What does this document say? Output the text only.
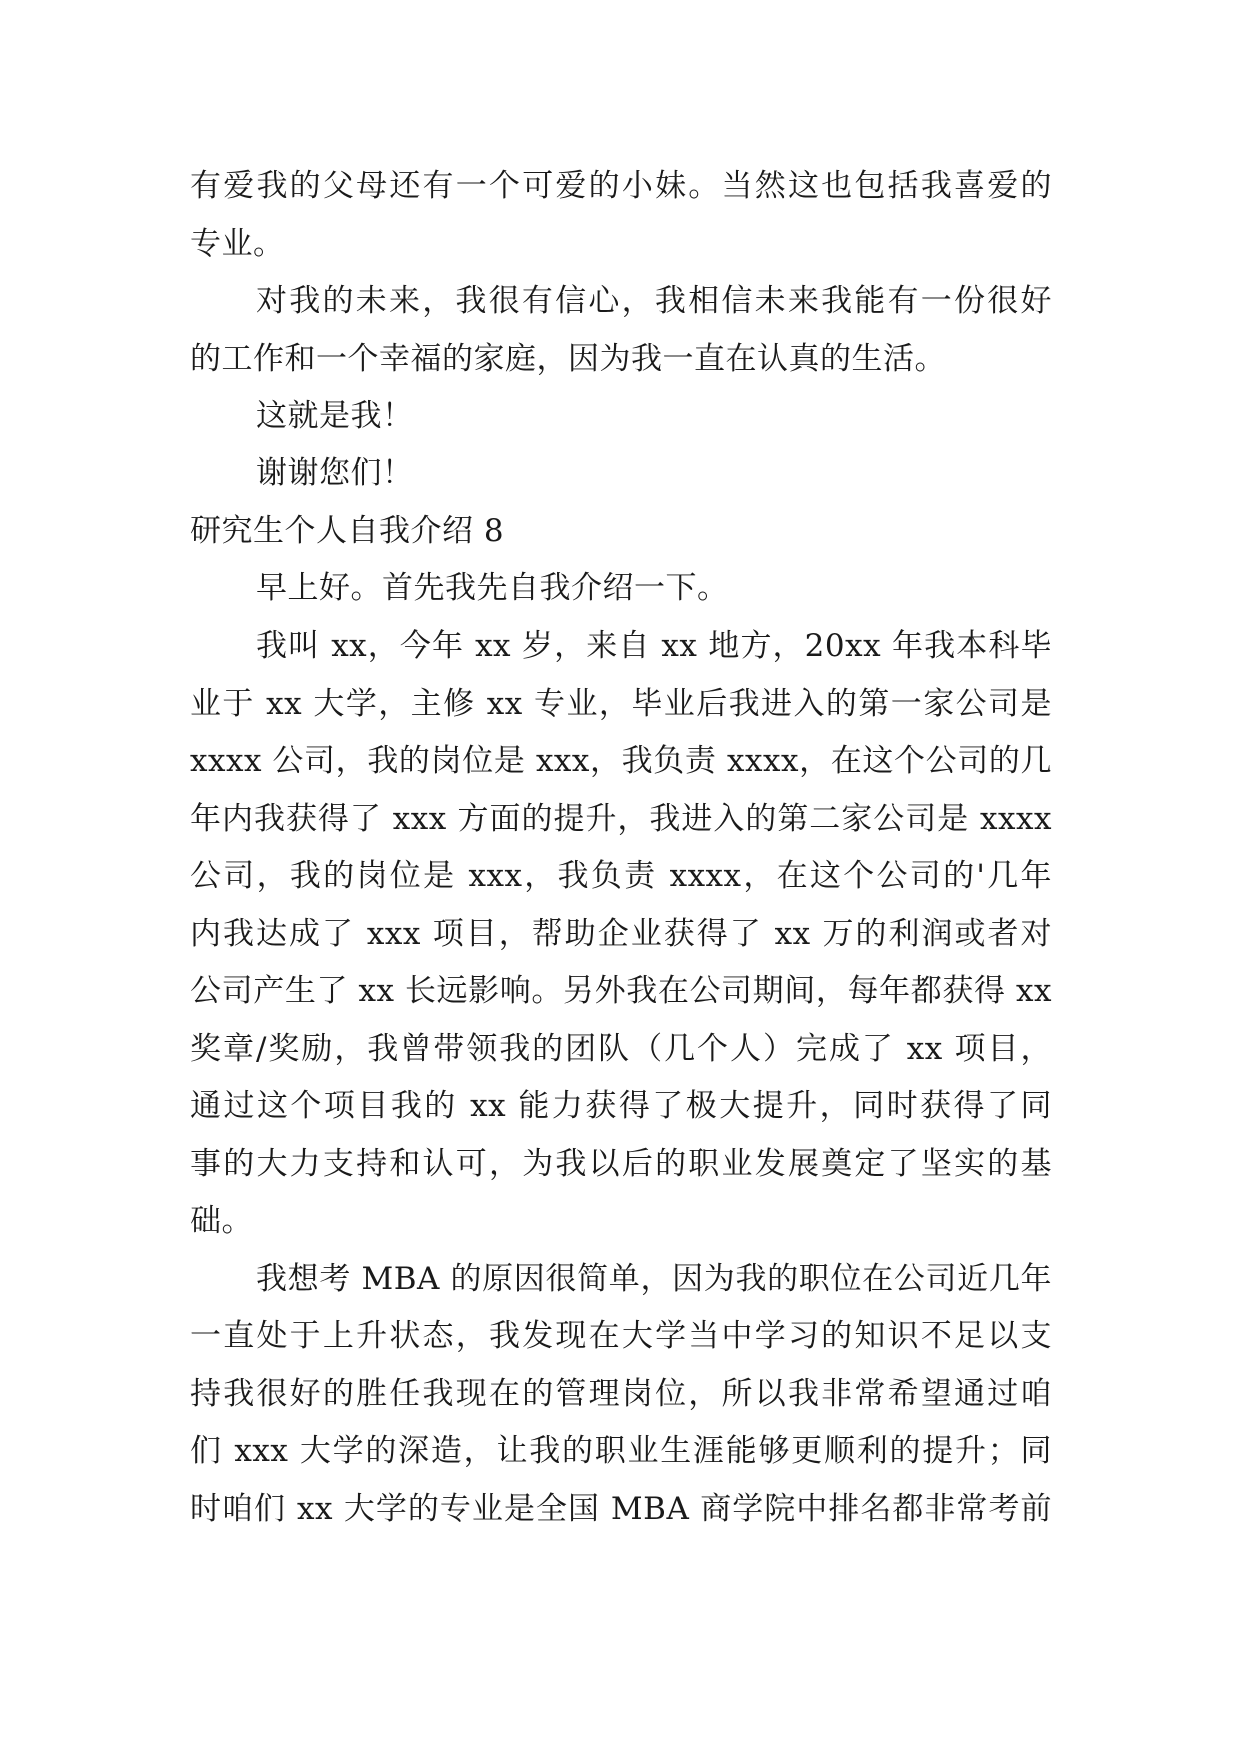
有爱我的父母还有一个可爱的小妹。当然这也包括我喜爱的
专业。
对我的未来，我很有信心，我相信未来我能有一份很好
的工作和一个幸福的家庭，因为我一直在认真的生活。
这就是我！
谢谢您们！
研究生个人自我介绍 8
早上好。首先我先自我介绍一下。
我叫 xx，今年 xx 岁，来自 xx 地方，20xx 年我本科毕
业于 xx 大学，主修 xx 专业，毕业后我进入的第一家公司是
xxxx 公司，我的岗位是 xxx，我负责 xxxx，在这个公司的几
年内我获得了 xxx 方面的提升，我进入的第二家公司是 xxxx
公司，我的岗位是 xxx，我负责 xxxx，在这个公司的'几年
内我达成了 xxx 项目，帮助企业获得了 xx 万的利润或者对
公司产生了 xx 长远影响。另外我在公司期间，每年都获得 xx
奖章/奖励，我曾带领我的团队（几个人）完成了 xx 项目，
通过这个项目我的 xx 能力获得了极大提升，同时获得了同
事的大力支持和认可，为我以后的职业发展奠定了坚实的基
础。
我想考 MBA 的原因很简单，因为我的职位在公司近几年
一直处于上升状态，我发现在大学当中学习的知识不足以支
持我很好的胜任我现在的管理岗位，所以我非常希望通过咱
们 xxx 大学的深造，让我的职业生涯能够更顺利的提升；同
时咱们 xx 大学的专业是全国 MBA 商学院中排名都非常考前
